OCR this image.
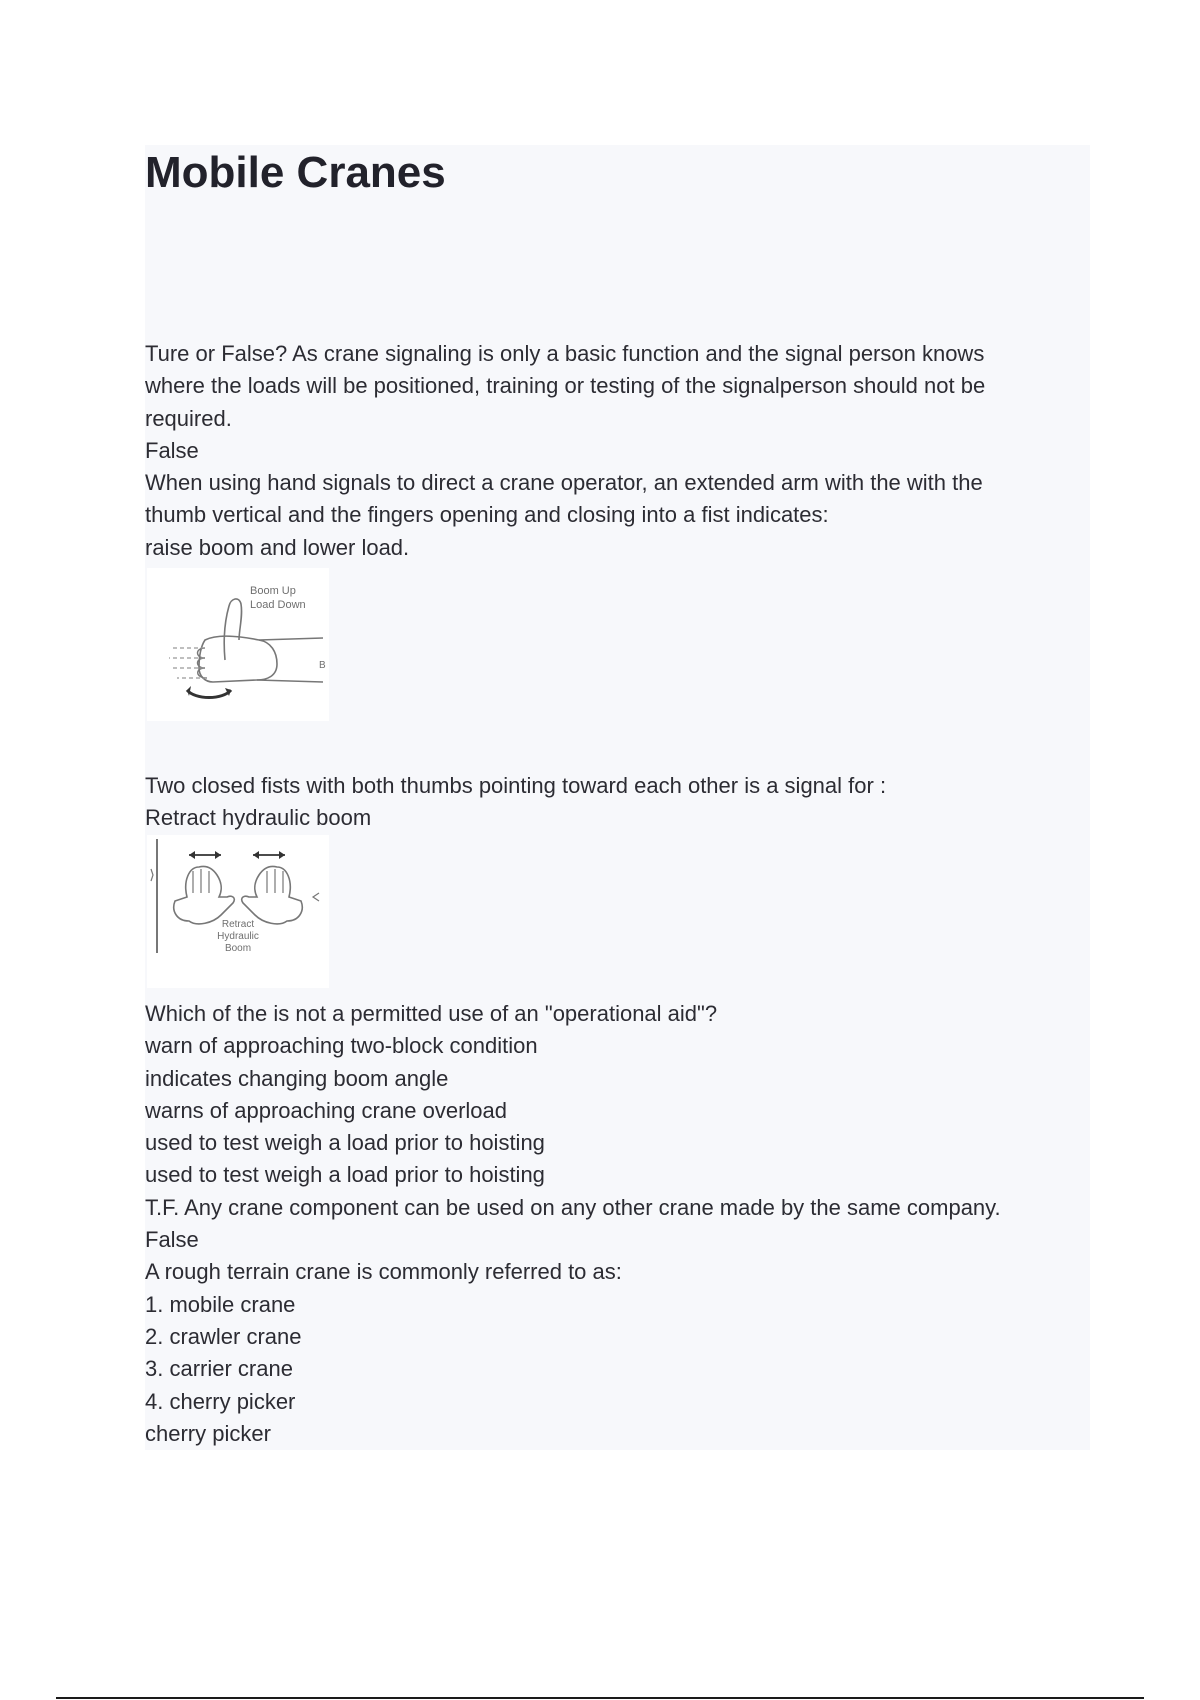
Mobile Cranes
Ture or False? As crane signaling is only a basic function and the signal person knows
where the loads will be positioned, training or testing of the signalperson should not be
required.
False
When using hand signals to direct a crane operator, an extended arm with the with the
thumb vertical and the fingers opening and closing into a fist indicates:
raise boom and lower load.
Boom Up
Load Down
B
Two closed fists with both thumbs pointing toward each other is a signal for :
Retract hydraulic boom
Retract
Hydraulic
Boom
Which of the is not a permitted use of an "operational aid"?
warn of approaching two-block condition
indicates changing boom angle
warns of approaching crane overload
used to test weigh a load prior to hoisting
used to test weigh a load prior to hoisting
T.F. Any crane component can be used on any other crane made by the same company.
False
A rough terrain crane is commonly referred to as:
1. mobile crane
2. crawler crane
3. carrier crane
4. cherry picker
cherry picker
